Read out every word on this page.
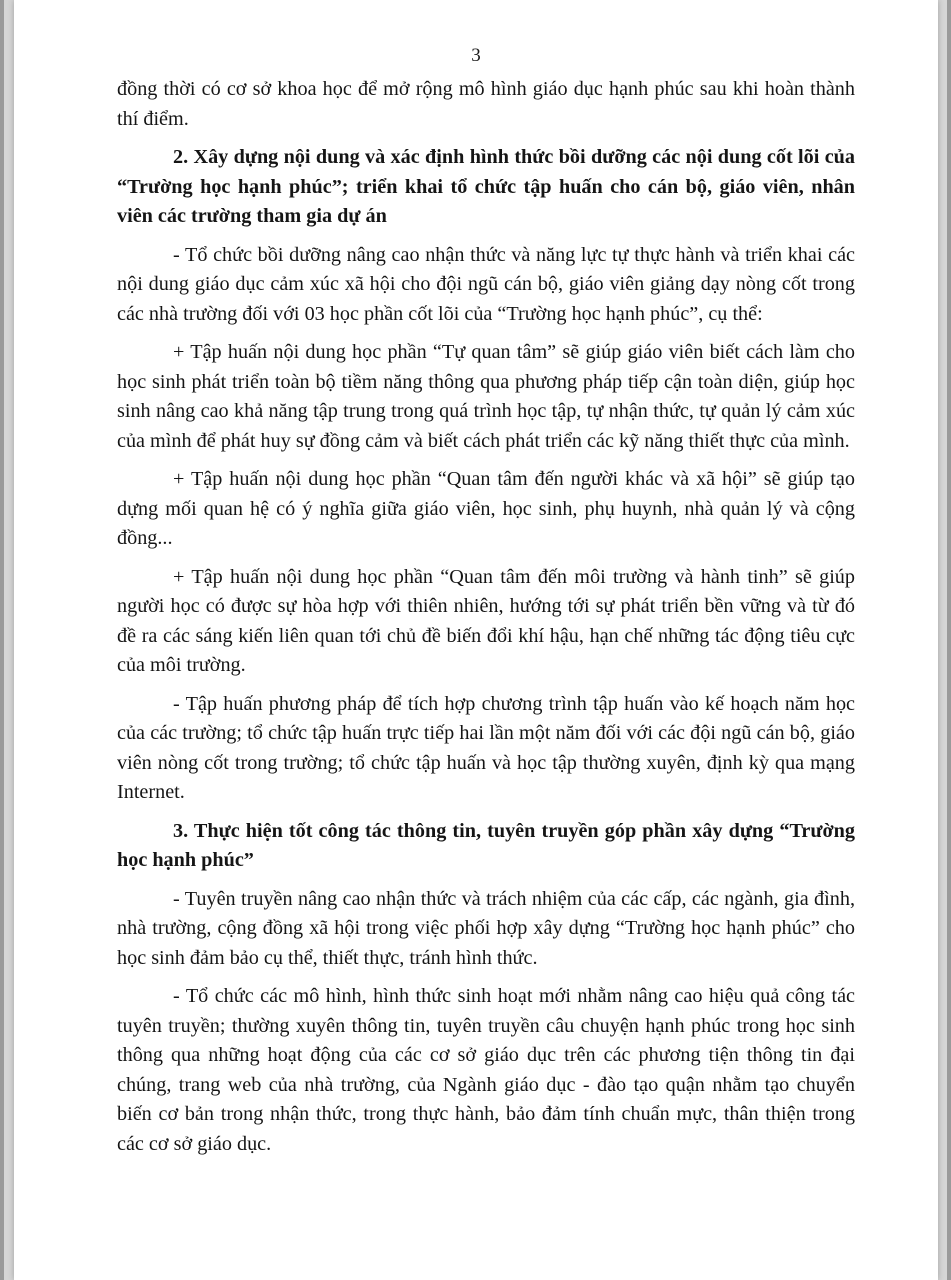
3

đồng thời có cơ sở khoa học để mở rộng mô hình giáo dục hạnh phúc sau khi hoàn thành thí điểm.

2. Xây dựng nội dung và xác định hình thức bồi dưỡng các nội dung cốt lõi của “Trường học hạnh phúc”; triển khai tổ chức tập huấn cho cán bộ, giáo viên, nhân viên các trường tham gia dự án

- Tổ chức bồi dưỡng nâng cao nhận thức và năng lực tự thực hành và triển khai các nội dung giáo dục cảm xúc xã hội cho đội ngũ cán bộ, giáo viên giảng dạy nòng cốt trong các nhà trường đối với 03 học phần cốt lõi của “Trường học hạnh phúc”, cụ thể:

+ Tập huấn nội dung học phần “Tự quan tâm” sẽ giúp giáo viên biết cách làm cho học sinh phát triển toàn bộ tiềm năng thông qua phương pháp tiếp cận toàn diện, giúp học sinh nâng cao khả năng tập trung trong quá trình học tập, tự nhận thức, tự quản lý cảm xúc của mình để phát huy sự đồng cảm và biết cách phát triển các kỹ năng thiết thực của mình.

+ Tập huấn nội dung học phần “Quan tâm đến người khác và xã hội” sẽ giúp tạo dựng mối quan hệ có ý nghĩa giữa giáo viên, học sinh, phụ huynh, nhà quản lý và cộng đồng...

+ Tập huấn nội dung học phần “Quan tâm đến môi trường và hành tinh” sẽ giúp người học có được sự hòa hợp với thiên nhiên, hướng tới sự phát triển bền vững và từ đó đề ra các sáng kiến liên quan tới chủ đề biến đổi khí hậu, hạn chế những tác động tiêu cực của môi trường.

- Tập huấn phương pháp để tích hợp chương trình tập huấn vào kế hoạch năm học của các trường; tổ chức tập huấn trực tiếp hai lần một năm đối với các đội ngũ cán bộ, giáo viên nòng cốt trong trường; tổ chức tập huấn và học tập thường xuyên, định kỳ qua mạng Internet.

3. Thực hiện tốt công tác thông tin, tuyên truyền góp phần xây dựng “Trường học hạnh phúc”

- Tuyên truyền nâng cao nhận thức và trách nhiệm của các cấp, các ngành, gia đình, nhà trường, cộng đồng xã hội trong việc phối hợp xây dựng “Trường học hạnh phúc” cho học sinh đảm bảo cụ thể, thiết thực, tránh hình thức.

- Tổ chức các mô hình, hình thức sinh hoạt mới nhằm nâng cao hiệu quả công tác tuyên truyền; thường xuyên thông tin, tuyên truyền câu chuyện hạnh phúc trong học sinh thông qua những hoạt động của các cơ sở giáo dục trên các phương tiện thông tin đại chúng, trang web của nhà trường, của Ngành giáo dục - đào tạo quận nhằm tạo chuyển biến cơ bản trong nhận thức, trong thực hành, bảo đảm tính chuẩn mực, thân thiện trong các cơ sở giáo dục.
